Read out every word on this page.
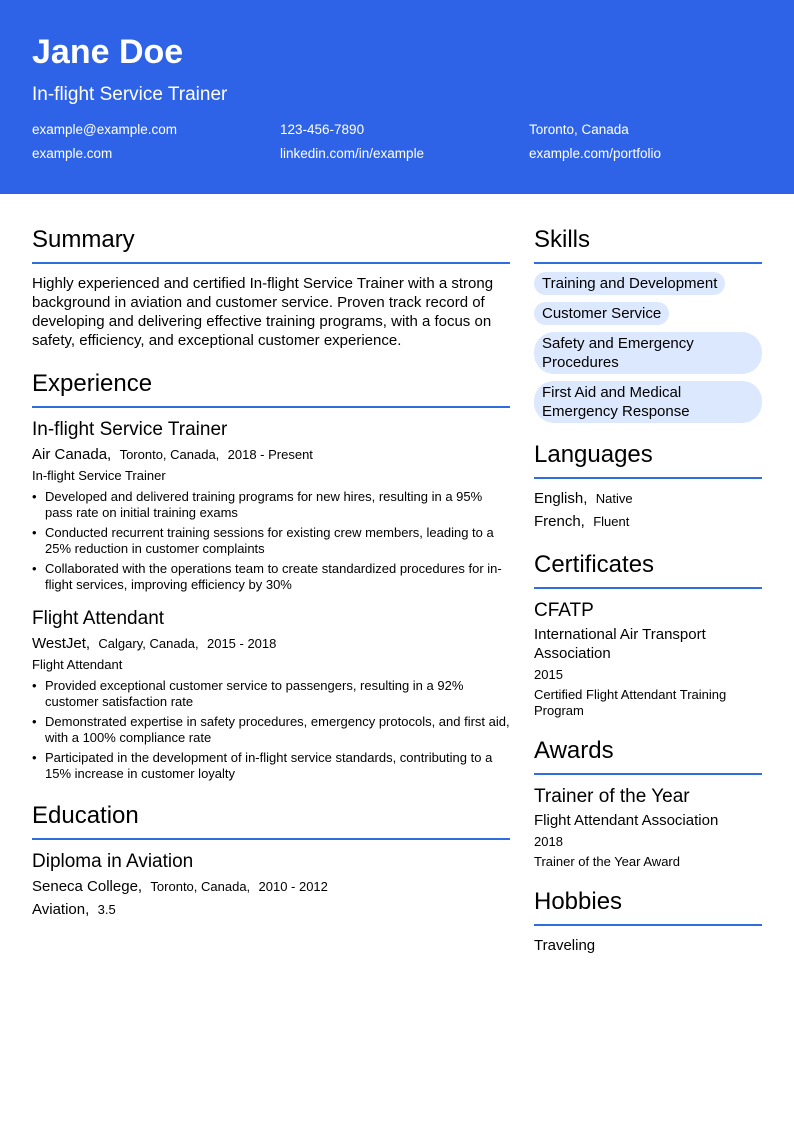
Jane Doe
In-flight Service Trainer
example@example.com	123-456-7890	Toronto, Canada
example.com	linkedin.com/in/example	example.com/portfolio
Summary
Highly experienced and certified In-flight Service Trainer with a strong background in aviation and customer service. Proven track record of developing and delivering effective training programs, with a focus on safety, efficiency, and exceptional customer experience.
Experience
In-flight Service Trainer
Air Canada, Toronto, Canada, 2018 - Present
In-flight Service Trainer
• Developed and delivered training programs for new hires, resulting in a 95% pass rate on initial training exams
• Conducted recurrent training sessions for existing crew members, leading to a 25% reduction in customer complaints
• Collaborated with the operations team to create standardized procedures for in-flight services, improving efficiency by 30%
Flight Attendant
WestJet, Calgary, Canada, 2015 - 2018
Flight Attendant
• Provided exceptional customer service to passengers, resulting in a 92% customer satisfaction rate
• Demonstrated expertise in safety procedures, emergency protocols, and first aid, with a 100% compliance rate
• Participated in the development of in-flight service standards, contributing to a 15% increase in customer loyalty
Education
Diploma in Aviation
Seneca College, Toronto, Canada, 2010 - 2012
Aviation, 3.5
Skills
Training and Development
Customer Service
Safety and Emergency Procedures
First Aid and Medical Emergency Response
Languages
English, Native
French, Fluent
Certificates
CFATP
International Air Transport Association
2015
Certified Flight Attendant Training Program
Awards
Trainer of the Year
Flight Attendant Association
2018
Trainer of the Year Award
Hobbies
Traveling
